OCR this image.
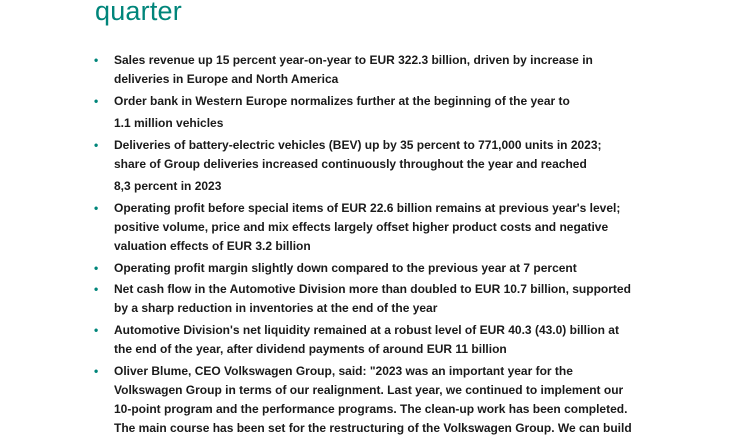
quarter
• Sales revenue up 15 percent year-on-year to EUR 322.3 billion, driven by increase in
deliveries in Europe and North America
• Order bank in Western Europe normalizes further at the beginning of the year to
1.1 million vehicles
• Deliveries of battery-electric vehicles (BEV) up by 35 percent to 771,000 units in 2023;
share of Group deliveries increased continuously throughout the year and reached
8,3 percent in 2023
• Operating profit before special items of EUR 22.6 billion remains at previous year's level;
positive volume, price and mix effects largely offset higher product costs and negative
valuation effects of EUR 3.2 billion
• Operating profit margin slightly down compared to the previous year at 7 percent
• Net cash flow in the Automotive Division more than doubled to EUR 10.7 billion, supported
by a sharp reduction in inventories at the end of the year
• Automotive Division's net liquidity remained at a robust level of EUR 40.3 (43.0) billion at
the end of the year, after dividend payments of around EUR 11 billion
• Oliver Blume, CEO Volkswagen Group, said: "2023 was an important year for the
Volkswagen Group in terms of our realignment. Last year, we continued to implement our
10-point program and the performance programs. The clean-up work has been completed.
The main course has been set for the restructuring of the Volkswagen Group. We can build
